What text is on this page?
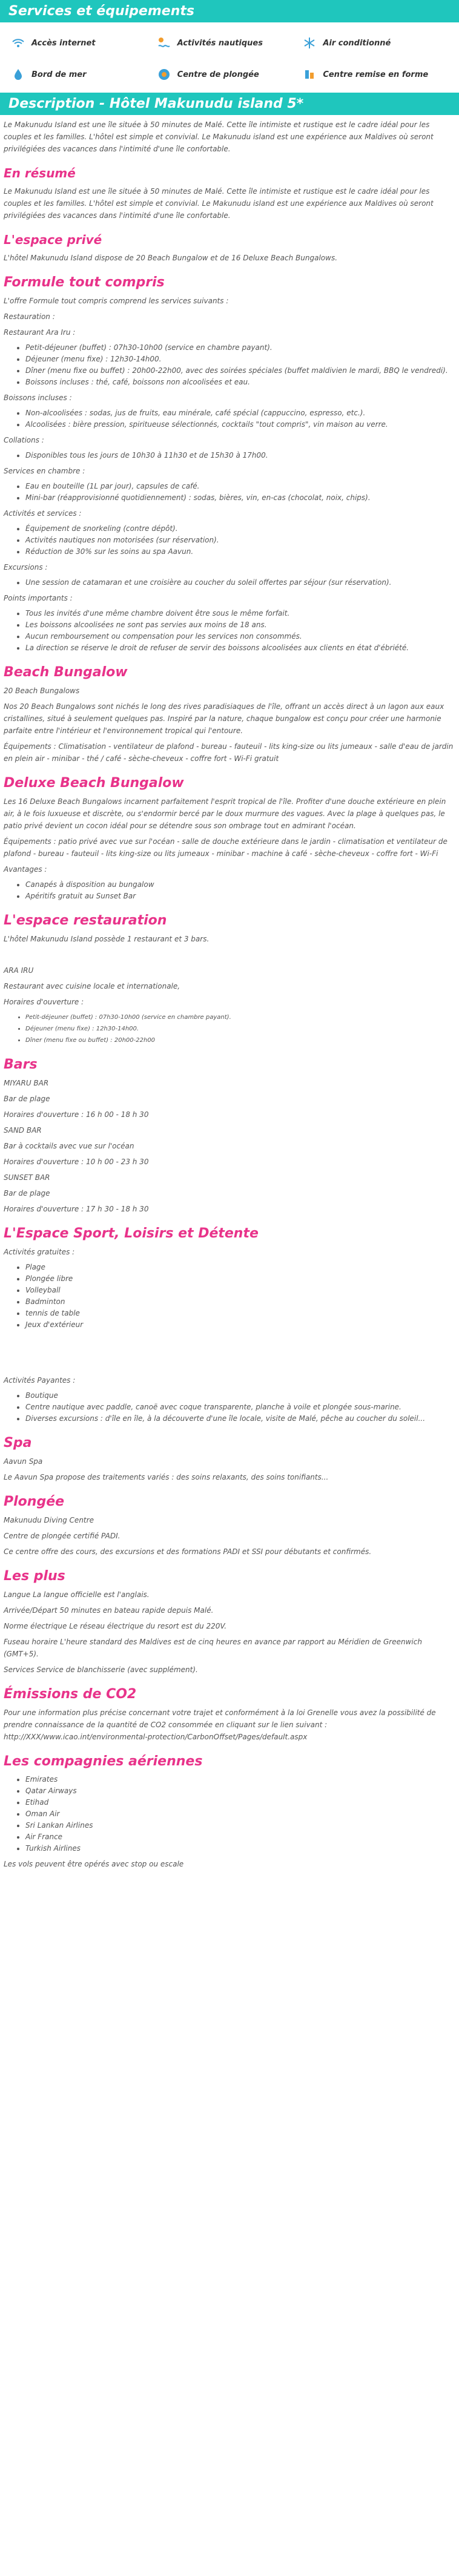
Services et équipements
Accès internet	Activités nautiques	Air conditionné
Bord de mer	Centre de plongée	Centre remise en forme
Description - Hôtel Makunudu island 5*

Le Makunudu Island est une île située à 50 minutes de Malé. Cette île intimiste et rustique est le cadre idéal pour les couples et les familles. L'hôtel est simple et convivial. Le Makunudu island est une expérience aux Maldives où seront privilégiées des vacances dans l'intimité d'une île confortable.

En résumé

Le Makunudu Island est une île située à 50 minutes de Malé. Cette île intimiste et rustique est le cadre idéal pour les couples et les familles. L'hôtel est simple et convivial. Le Makunudu island est une expérience aux Maldives où seront privilégiées des vacances dans l'intimité d'une île confortable.

L'espace privé

L'hôtel Makunudu Island dispose de 20 Beach Bungalow et de 16 Deluxe Beach Bungalows.

Formule tout compris

L'offre Formule tout compris comprend les services suivants :

Restauration :

Restaurant Ara Iru :

• Petit-déjeuner (buffet) : 07h30-10h00 (service en chambre payant).
• Déjeuner (menu fixe) : 12h30-14h00.
• Dîner (menu fixe ou buffet) : 20h00-22h00, avec des soirées spéciales (buffet maldivien le mardi, BBQ le vendredi).
• Boissons incluses : thé, café, boissons non alcoolisées et eau.

Boissons incluses :

• Non-alcoolisées : sodas, jus de fruits, eau minérale, café spécial (cappuccino, espresso, etc.).
• Alcoolisées : bière pression, spiritueuse sélectionnés, cocktails "tout compris", vin maison au verre.

Collations :

• Disponibles tous les jours de 10h30 à 11h30 et de 15h30 à 17h00.

Services en chambre :

• Eau en bouteille (1L par jour), capsules de café.
• Mini-bar (réapprovisionné quotidiennement) : sodas, bières, vin, en-cas (chocolat, noix, chips).

Activités et services :

• Équipement de snorkeling (contre dépôt).
• Activités nautiques non motorisées (sur réservation).
• Réduction de 30% sur les soins au spa Aavun.

Excursions :

• Une session de catamaran et une croisière au coucher du soleil offertes par séjour (sur réservation).

Points importants :

• Tous les invités d'une même chambre doivent être sous le même forfait.
• Les boissons alcoolisées ne sont pas servies aux moins de 18 ans.
• Aucun remboursement ou compensation pour les services non consommés.
• La direction se réserve le droit de refuser de servir des boissons alcoolisées aux clients en état d'ébriété.
Beach Bungalow

20 Beach Bungalows

Nos 20 Beach Bungalows sont nichés le long des rives paradisiaques de l'île, offrant un accès direct à un lagon aux eaux cristallines, situé à seulement quelques pas. Inspiré par la nature, chaque bungalow est conçu pour créer une harmonie parfaite entre l'intérieur et l'environnement tropical qui l'entoure.

Équipements : Climatisation - ventilateur de plafond - bureau - fauteuil - lits king-size ou lits jumeaux - salle d'eau de jardin en plein air - minibar - thé / café - sèche-cheveux - coffre fort - Wi-Fi gratuit

Deluxe Beach Bungalow

Les 16 Deluxe Beach Bungalows incarnent parfaitement l'esprit tropical de l'île. Profiter d'une douche extérieure en plein air, à le fois luxueuse et discrète, ou s'endormir bercé par le doux murmure des vagues. Avec la plage à quelques pas, le patio privé devient un cocon idéal pour se détendre sous son ombrage tout en admirant l'océan.

Équipements : patio privé avec vue sur l'océan - salle de douche extérieure dans le jardin - climatisation et ventilateur de plafond - bureau - fauteuil - lits king-size ou lits jumeaux - minibar - machine à café - sèche-cheveux - coffre fort - Wi-Fi

Avantages :

• Canapés à disposition au bungalow
• Apéritifs gratuit au Sunset Bar
L'espace restauration

L'hôtel Makunudu Island possède 1 restaurant et 3 bars.

ARA IRU

Restaurant avec cuisine locale et internationale,

Horaires d'ouverture :

• Petit-déjeuner (buffet) : 07h30-10h00 (service en chambre payant).
• Déjeuner (menu fixe) : 12h30-14h00.
• Dîner (menu fixe ou buffet) : 20h00-22h00
Bars

MIYARU BAR

Bar de plage

Horaires d'ouverture : 16 h 00 - 18 h 30

SAND BAR

Bar à cocktails avec vue sur l'océan

Horaires d'ouverture : 10 h 00 - 23 h 30

SUNSET BAR

Bar de plage

Horaires d'ouverture : 17 h 30 - 18 h 30

L'Espace Sport, Loisirs et Détente

Activités gratuites :

• Plage
• Plongée libre
• Volleyball
• Badminton
• tennis de table
• Jeux d'extérieur

Activités Payantes :

• Boutique
• Centre nautique avec paddle, canoë avec coque transparente, planche à voile et plongée sous-marine.
• Diverses excursions : d'île en île, à la découverte d'une île locale, visite de Malé, pêche au coucher du soleil...
Spa

Aavun Spa

Le Aavun Spa propose des traitements variés : des soins relaxants, des soins tonifiants...

Plongée

Makunudu Diving Centre

Centre de plongée certifié PADI.

Ce centre offre des cours, des excursions et des formations PADI et SSI pour débutants et confirmés.

Les plus

Langue La langue officielle est l'anglais.

Arrivée/Départ 50 minutes en bateau rapide depuis Malé.

Norme électrique Le réseau électrique du resort est du 220V.

Fuseau horaire L'heure standard des Maldives est de cinq heures en avance par rapport au Méridien de Greenwich (GMT+5).

Services Service de blanchisserie (avec supplément).

Émissions de CO2

Pour une information plus précise concernant votre trajet et conformément à la loi Grenelle vous avez la possibilité de prendre connaissance de la quantité de CO2 consommée en cliquant sur le lien suivant : http://XXX/www.icao.int/environmental-protection/CarbonOffset/Pages/default.aspx

Les compagnies aériennes
• Emirates
• Qatar Airways
• Etihad
• Oman Air
• Sri Lankan Airlines
• Air France
• Turkish Airlines

Les vols peuvent être opérés avec stop ou escale
